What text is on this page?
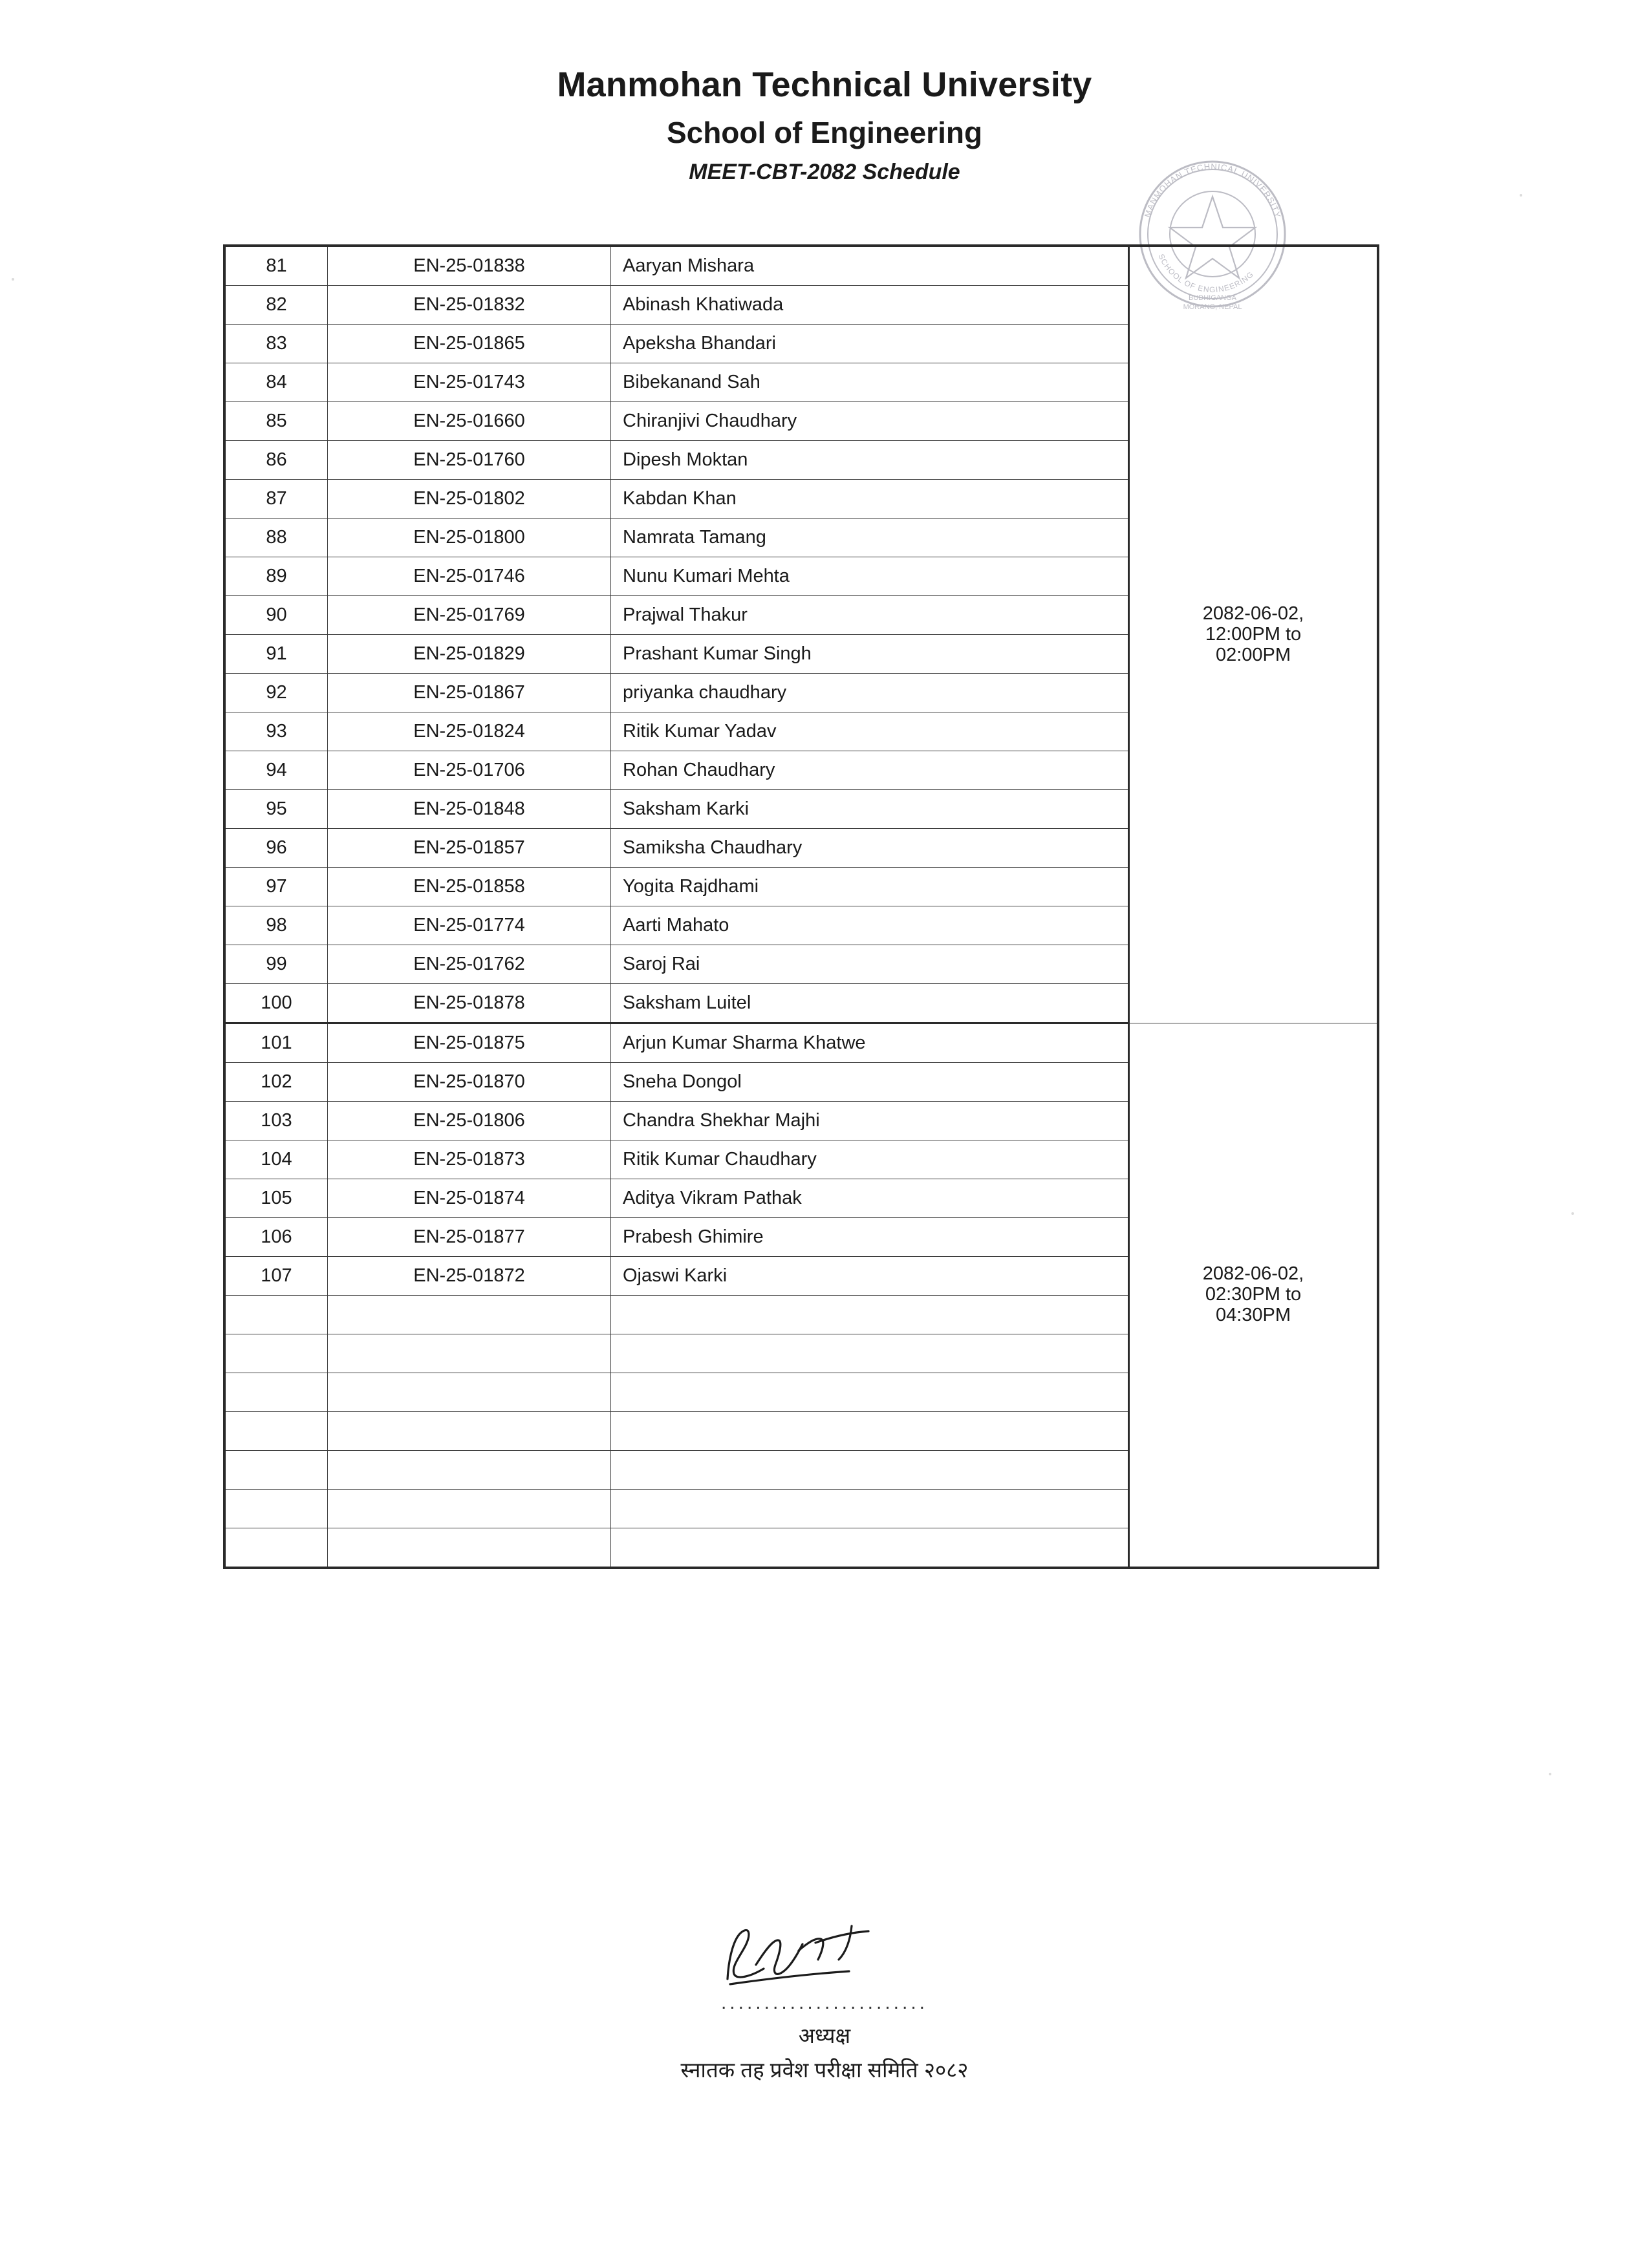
Manmohan Technical University
School of Engineering
MEET-CBT-2082 Schedule
MANMOHAN TECHNICAL UNIVERSITY
SCHOOL OF ENGINEERING
BUDHIGANGA
MORANG, NEPAL
81	EN-25-01838	Aaryan Mishara	2082-06-02,
12:00PM to
02:00PM

82	EN-25-01832	Abinash Khatiwada	
83	EN-25-01865	Apeksha Bhandari	
84	EN-25-01743	Bibekanand Sah	
85	EN-25-01660	Chiranjivi Chaudhary	
86	EN-25-01760	Dipesh Moktan	
87	EN-25-01802	Kabdan Khan	
88	EN-25-01800	Namrata Tamang	
89	EN-25-01746	Nunu Kumari Mehta	
90	EN-25-01769	Prajwal Thakur	
91	EN-25-01829	Prashant Kumar Singh	
92	EN-25-01867	priyanka chaudhary	
93	EN-25-01824	Ritik Kumar Yadav	
94	EN-25-01706	Rohan Chaudhary	
95	EN-25-01848	Saksham Karki	
96	EN-25-01857	Samiksha Chaudhary	
97	EN-25-01858	Yogita Rajdhami	
98	EN-25-01774	Aarti Mahato	
99	EN-25-01762	Saroj Rai	
100	EN-25-01878	Saksham Luitel	
101	EN-25-01875	Arjun Kumar Sharma Khatwe	2082-06-02,
02:30PM to
04:30PM

102	EN-25-01870	Sneha Dongol	
103	EN-25-01806	Chandra Shekhar Majhi	
104	EN-25-01873	Ritik Kumar Chaudhary	
105	EN-25-01874	Aditya Vikram Pathak	
106	EN-25-01877	Prabesh Ghimire	
107	EN-25-01872	Ojaswi Karki	

........................
अध्यक्ष
स्नातक तह प्रवेश परीक्षा समिति २०८२
